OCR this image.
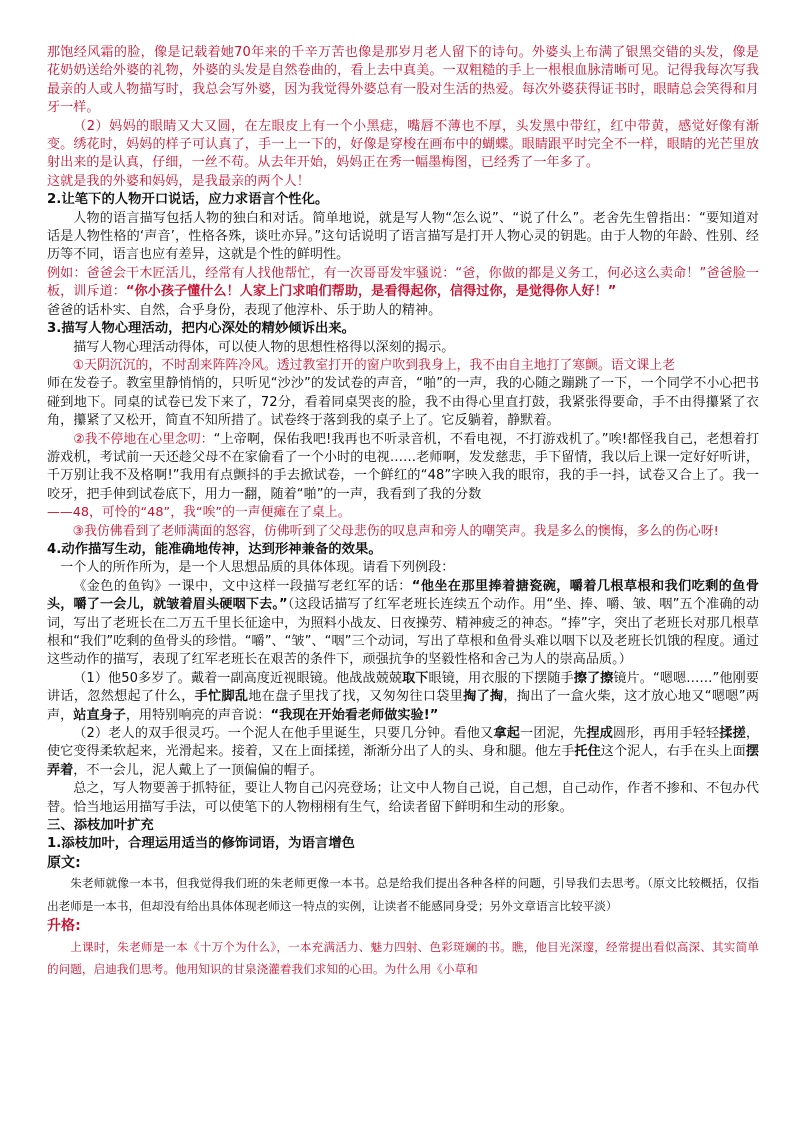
那饱经风霜的脸，像是记载着她70年来的千辛万苦也像是那岁月老人留下的诗句。外婆头上布满了银黑交错的头发，像是花奶奶送给外婆的礼物，外婆的头发是自然卷曲的，看上去中真美。一双粗糙的手上一根根血脉清晰可见。记得我每次写我最亲的人或人物描写时，我总会写外婆，因为我觉得外婆总有一股对生活的热爱。每次外婆获得证书时，眼睛总会笑得和月牙一样。

（2）妈妈的眼睛又大又圆，在左眼皮上有一个小黑痣，嘴唇不薄也不厚，头发黑中带红，红中带黄，感觉好像有渐变。绣花时，妈妈的样子可认真了，手一上一下的，好像是穿梭在画布中的蝴蝶。眼睛跟平时完全不一样，眼睛的光芒里放射出来的是认真，仔细，一丝不苟。从去年开始，妈妈正在秀一幅墨梅图，已经秀了一年多了。

这就是我的外婆和妈妈，是我最亲的两个人！

2.让笔下的人物开口说话，应力求语言个性化。

人物的语言描写包括人物的独白和对话。简单地说，就是写人物“怎么说”、“说了什么”。老舍先生曾指出：“要知道对话是人物性格的‘声音’，性格各殊，谈吐亦异。”这句话说明了语言描写是打开人物心灵的钥匙。由于人物的年龄、性别、经历等不同，语言也应有差异，这就是个性的鲜明性。

例如：爸爸会干木匠活儿，经常有人找他帮忙，有一次哥哥发牢骚说：“爸，你做的都是义务工，何必这么卖命！”爸爸脸一板，训斥道：“你小孩子懂什么！人家上门求咱们帮助，是看得起你，信得过你，是觉得你人好！”

爸爸的话朴实、自然，合乎身份，表现了他淳朴、乐于助人的精神。

3.描写人物心理活动，把内心深处的精妙倾诉出来。

描写人物心理活动得体，可以使人物的思想性格得以深刻的揭示。

①天阴沉沉的，不时刮来阵阵冷风。透过教室打开的窗户吹到我身上，我不由自主地打了寒颤。语文课上老

师在发卷子。教室里静悄悄的，只听见“沙沙”的发试卷的声音，“啪”的一声，我的心随之蹦跳了一下，一个同学不小心把书碰到地下。同桌的试卷已发下来了，72分，看着同桌哭丧的脸，我不由得心里直打鼓，我紧张得要命，手不由得攥紧了衣角，攥紧了又松开，简直不知所措了。试卷终于落到我的桌子上了。它反躺着，静默着。

②我不停地在心里念叨：“上帝啊，保佑我吧!我再也不听录音机，不看电视，不打游戏机了。”唉!都怪我自己，老想着打游戏机，考试前一天还趁父母不在家偷看了一个小时的电视……老师啊，发发慈悲，手下留情，我以后上课一定好好听讲，千万别让我不及格啊!”我用有点颤抖的手去掀试卷，一个鲜红的“48”字映入我的眼帘，我的手一抖，试卷又合上了。我一咬牙，把手伸到试卷底下，用力一翻，随着“啪”的一声，我看到了我的分数

——48，可怜的“48”，我“唉”的一声便瘫在了桌上。

③我仿佛看到了老师满面的怒容，仿佛听到了父母悲伤的叹息声和旁人的嘲笑声。我是多么的懊悔，多么的伤心呀!

4.动作描写生动，能准确地传神，达到形神兼备的效果。

一个人的所作所为，是一个人思想品质的具体体现。请看下列例段：

《金色的鱼钩》一课中，文中这样一段描写老红军的话：“他坐在那里捧着搪瓷碗，嚼着几根草根和我们吃剩的鱼骨头，嚼了一会儿，就皱着眉头硬咽下去。”（这段话描写了红军老班长连续五个动作。用“坐、捧、嚼、皱、咽”五个准确的动词，写出了老班长在二万五千里长征途中，为照料小战友、日夜操劳、精神疲乏的神态。“捧”字，突出了老班长对那几根草根和“我们”吃剩的鱼骨头的珍惜。“嚼”、“皱”、“咽”三个动词，写出了草根和鱼骨头难以咽下以及老班长饥饿的程度。通过这些动作的描写，表现了红军老班长在艰苦的条件下，顽强抗争的坚毅性格和舍己为人的崇高品质。）

（1）他50多岁了。戴着一副高度近视眼镜。他战战兢兢取下眼镜，用衣服的下摆随手擦了擦镜片。“嗯嗯……”他刚要讲话，忽然想起了什么，手忙脚乱地在盘子里找了找，又匆匆往口袋里掏了掏，掏出了一盒火柴，这才放心地又“嗯嗯”两声，站直身子，用特别响亮的声音说：“我现在开始看老师做实验!”

（2）老人的双手很灵巧。一个泥人在他手里诞生，只要几分钟。看他又拿起一团泥，先捏成圆形，再用手轻轻揉搓，使它变得柔软起来，光滑起来。接着，又在上面揉搓，渐渐分出了人的头、身和腿。他左手托住这个泥人，右手在头上面摆弄着，不一会儿，泥人戴上了一顶偏偏的帽子。

总之，写人物要善于抓特征，要让人物自己闪亮登场；让文中人物自己说，自己想，自己动作，作者不掺和、不包办代替。恰当地运用描写手法，可以使笔下的人物栩栩有生气，给读者留下鲜明和生动的形象。

三、添枝加叶扩充

1.添枝加叶，合理运用适当的修饰词语，为语言增色

原文:

朱老师就像一本书，但我觉得我们班的朱老师更像一本书。总是给我们提出各种各样的问题，引导我们去思考。（原文比较概括，仅指出老师是一本书，但却没有给出具体体现老师这一特点的实例，让读者不能感同身受；另外文章语言比较平淡）

升格:

上课时，朱老师是一本《十万个为什么》，一本充满活力、魅力四射、色彩斑斓的书。瞧，他目光深邃，经常提出看似高深、其实简单的问题，启迪我们思考。他用知识的甘泉浇灌着我们求知的心田。为什么用《小草和
